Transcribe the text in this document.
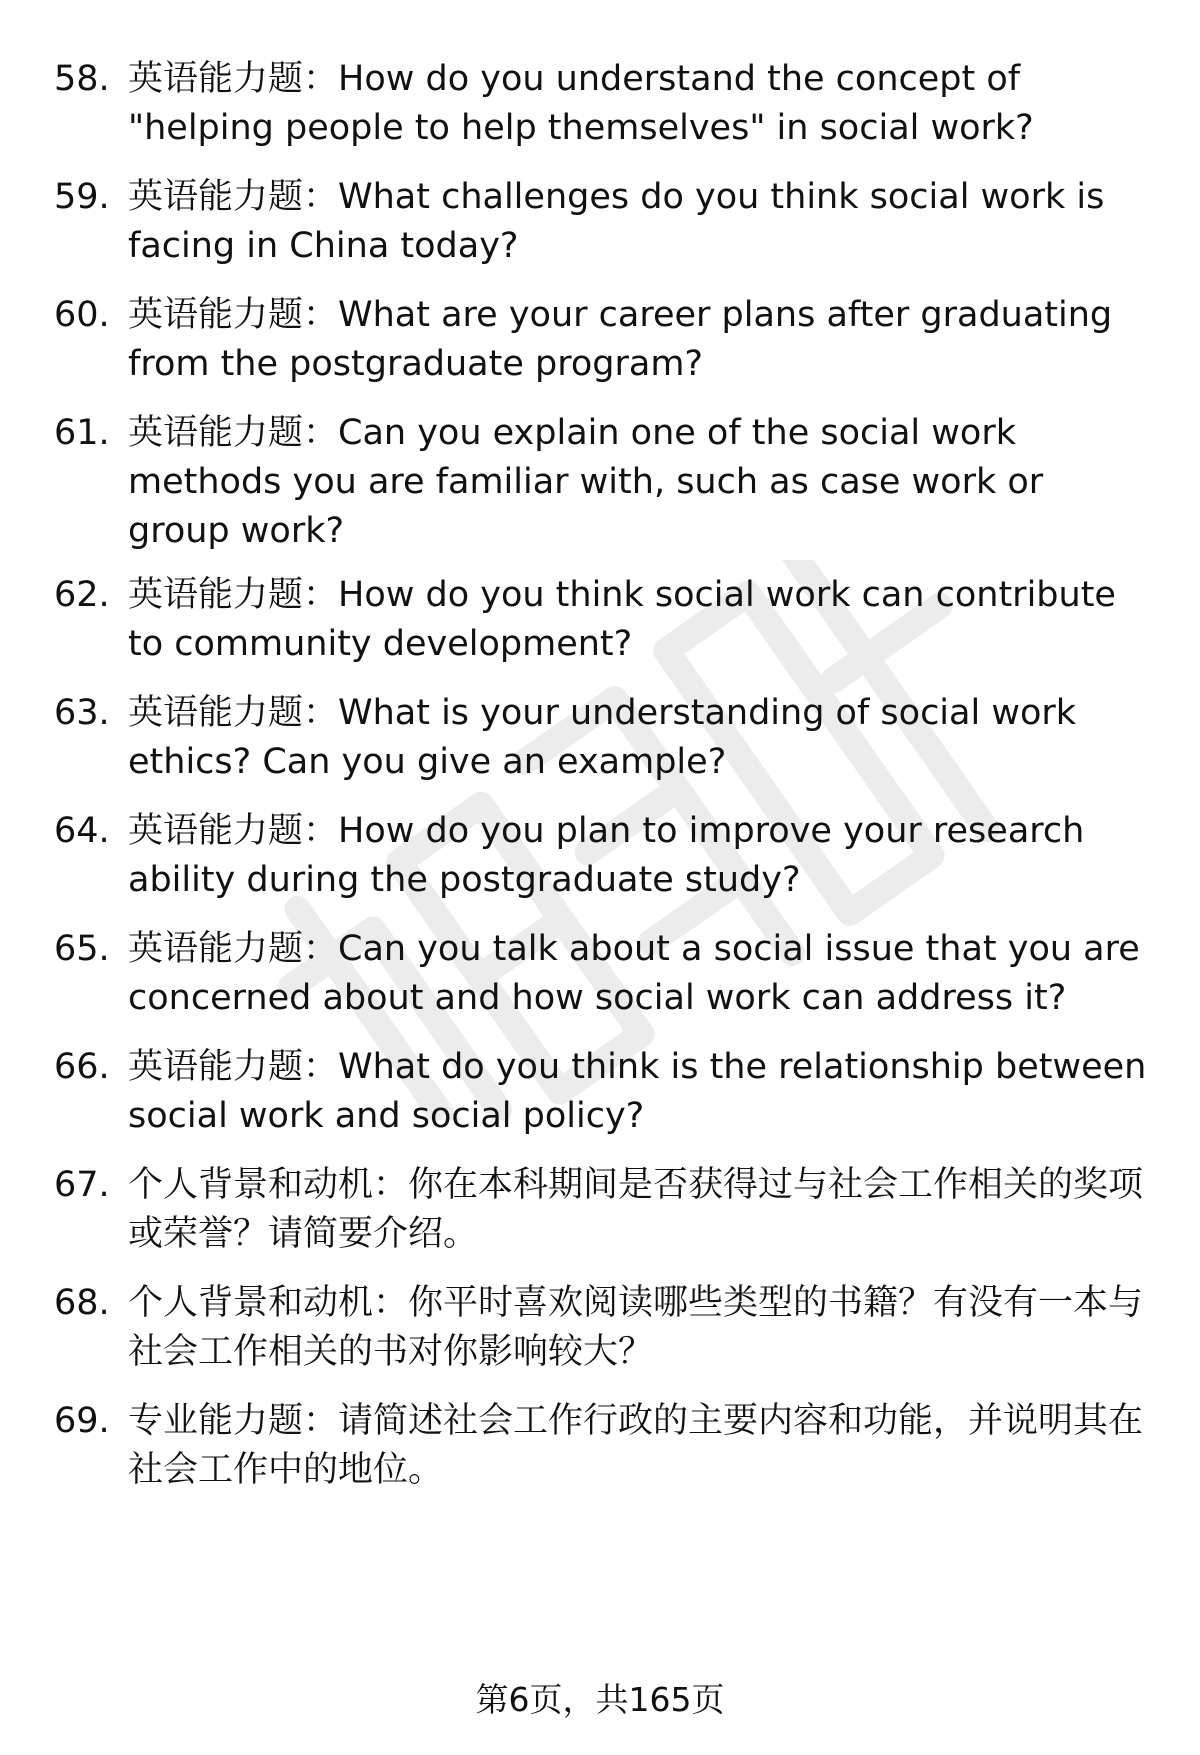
58. 英语能力题：How do you understand the concept of "helping people to help themselves" in social work?
59. 英语能力题：What challenges do you think social work is facing in China today?
60. 英语能力题：What are your career plans after graduating from the postgraduate program?
61. 英语能力题：Can you explain one of the social work methods you are familiar with, such as case work or group work?
62. 英语能力题：How do you think social work can contribute to community development?
63. 英语能力题：What is your understanding of social work ethics? Can you give an example?
64. 英语能力题：How do you plan to improve your research ability during the postgraduate study?
65. 英语能力题：Can you talk about a social issue that you are concerned about and how social work can address it?
66. 英语能力题：What do you think is the relationship between social work and social policy?
67. 个人背景和动机：你在本科期间是否获得过与社会工作相关的奖项或荣誉？请简要介绍。
68. 个人背景和动机：你平时喜欢阅读哪些类型的书籍？有没有一本与社会工作相关的书对你影响较大？
69. 专业能力题：请简述社会工作行政的主要内容和功能，并说明其在社会工作中的地位。
第6页，共165页
